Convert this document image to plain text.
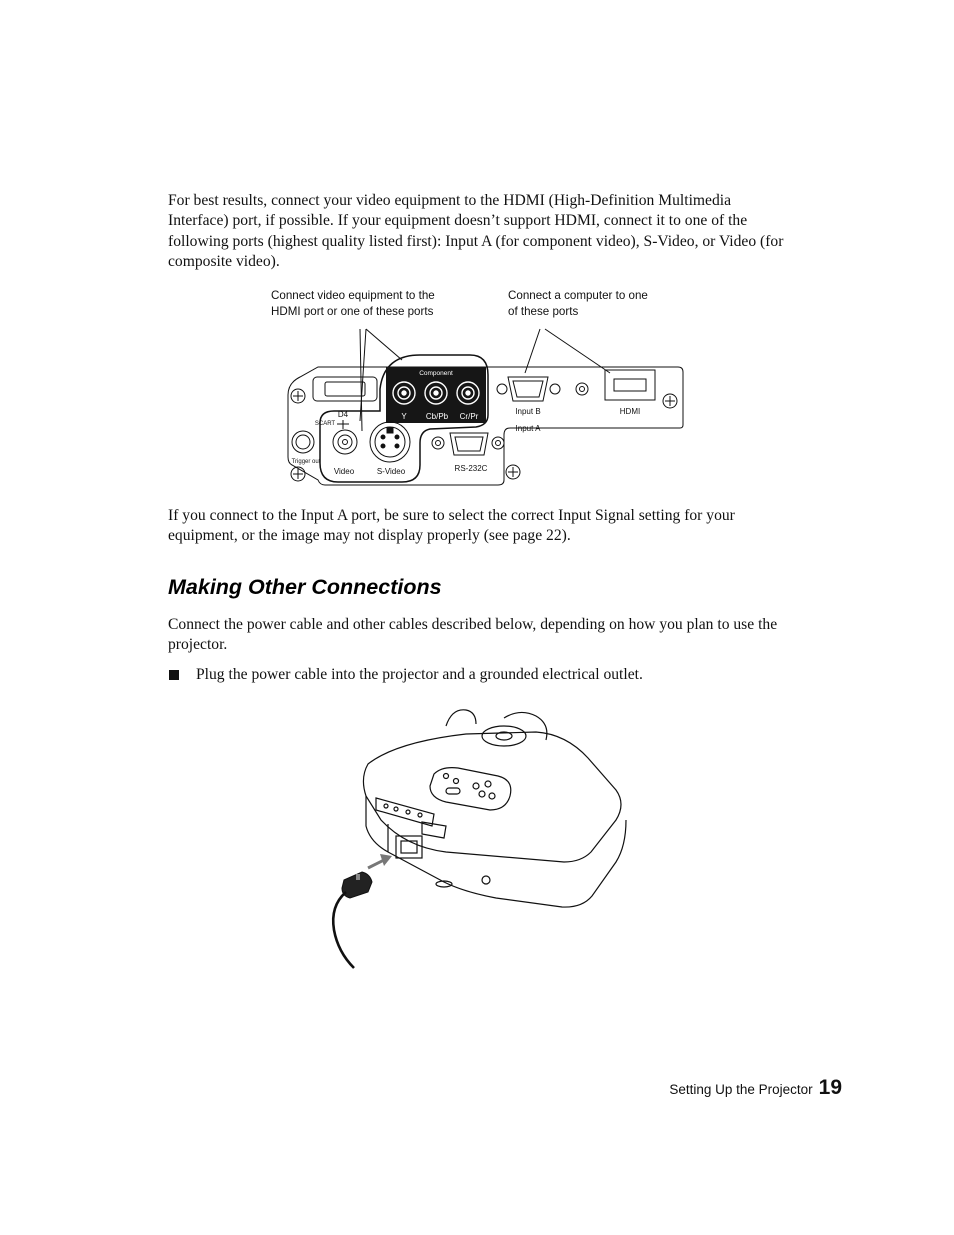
For best results, connect your video equipment to the HDMI (High-Definition Multimedia Interface) port, if possible. If your equipment doesn’t support HDMI, connect it to one of the following ports (highest quality listed first): Input A (for component video), S-Video, or Video (for composite video).

Connect video equipment to the
HDMI port or one of these ports
Connect a computer to one
of these ports
Component
Y Cb/Pb Cr/Pr
Input B
Input A
HDMI
D4
SCART
Trigger out
Video	S-Video	RS-232C

If you connect to the Input A port, be sure to select the correct Input Signal setting for your equipment, or the image may not display properly (see page 22).

Making Other Connections

Connect the power cable and other cables described below, depending on how you plan to use the projector.

Plug the power cable into the projector and a grounded electrical outlet.
Setting Up the Projector 19
